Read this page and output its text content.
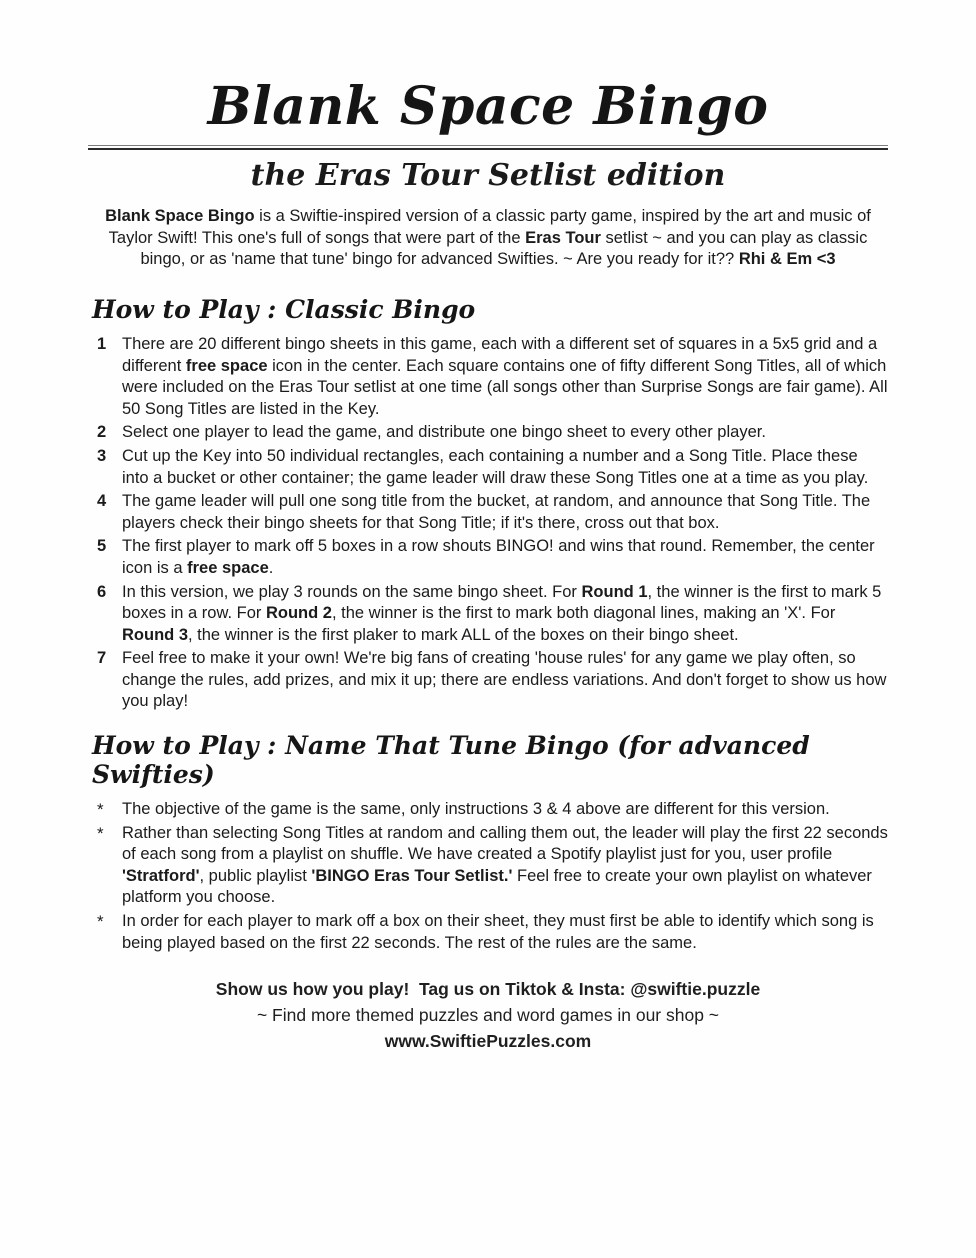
Blank Space Bingo
the Eras Tour Setlist edition

Blank Space Bingo is a Swiftie-inspired version of a classic party game, inspired by the art and music of Taylor Swift! This one's full of songs that were part of the Eras Tour setlist ~ and you can play as classic bingo, or as 'name that tune' bingo for advanced Swifties. ~ Are you ready for it?? Rhi & Em <3

How to Play : Classic Bingo
1 There are 20 different bingo sheets in this game, each with a different set of squares in a 5x5 grid and a different free space icon in the center. Each square contains one of fifty different Song Titles, all of which were included on the Eras Tour setlist at one time (all songs other than Surprise Songs are fair game). All 50 Song Titles are listed in the Key.
2 Select one player to lead the game, and distribute one bingo sheet to every other player.
3 Cut up the Key into 50 individual rectangles, each containing a number and a Song Title. Place these into a bucket or other container; the game leader will draw these Song Titles one at a time as you play.
4 The game leader will pull one song title from the bucket, at random, and announce that Song Title. The players check their bingo sheets for that Song Title; if it's there, cross out that box.
5 The first player to mark off 5 boxes in a row shouts BINGO! and wins that round. Remember, the center icon is a free space.
6 In this version, we play 3 rounds on the same bingo sheet. For Round 1, the winner is the first to mark 5 boxes in a row. For Round 2, the winner is the first to mark both diagonal lines, making an 'X'. For Round 3, the winner is the first plaker to mark ALL of the boxes on their bingo sheet.
7 Feel free to make it your own! We're big fans of creating 'house rules' for any game we play often, so change the rules, add prizes, and mix it up; there are endless variations. And don't forget to show us how you play!
How to Play : Name That Tune Bingo (for advanced Swifties)
*	The objective of the game is the same, only instructions 3 & 4 above are different for this version.
*	Rather than selecting Song Titles at random and calling them out, the leader will play the first 22 seconds of each song from a playlist on shuffle. We have created a Spotify playlist just for you, user profile 'Stratford', public playlist 'BINGO Eras Tour Setlist.' Feel free to create your own playlist on whatever platform you choose.
*	In order for each player to mark off a box on their sheet, they must first be able to identify which song is being played based on the first 22 seconds. The rest of the rules are the same.
Show us how you play!  Tag us on Tiktok & Insta: @swiftie.puzzle
~ Find more themed puzzles and word games in our shop ~
www.SwiftiePuzzles.com
